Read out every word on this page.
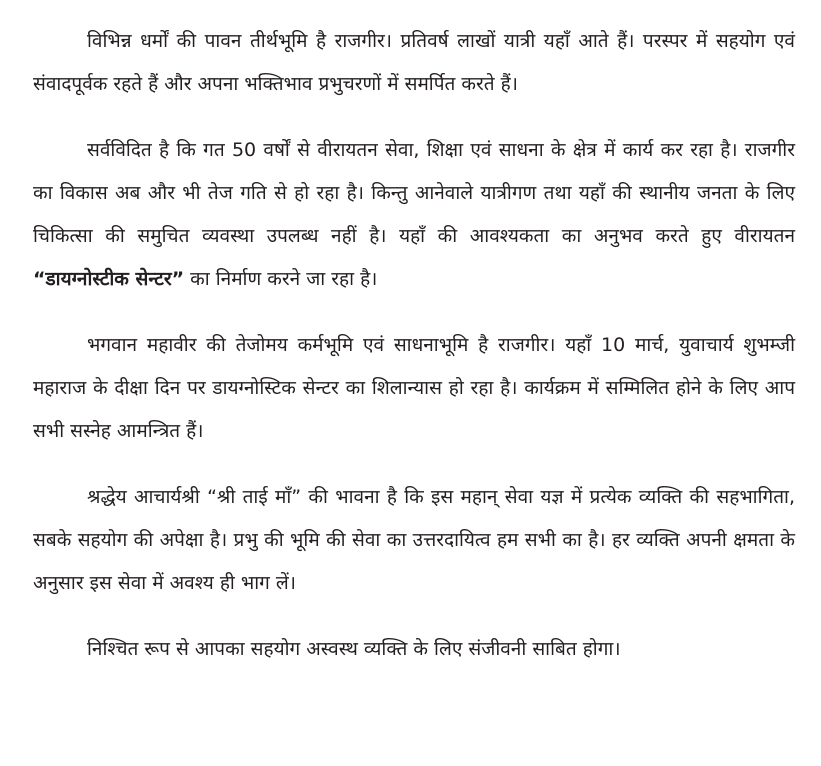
विभिन्न धर्मों की पावन तीर्थभूमि है राजगीर। प्रतिवर्ष लाखों यात्री यहाँ आते हैं। परस्पर में सहयोग एवं संवादपूर्वक रहते हैं और अपना भक्तिभाव प्रभुचरणों में समर्पित करते हैं।

सर्वविदित है कि गत 50 वर्षों से वीरायतन सेवा, शिक्षा एवं साधना के क्षेत्र में कार्य कर रहा है। राजगीर का विकास अब और भी तेज गति से हो रहा है। किन्तु आनेवाले यात्रीगण तथा यहाँ की स्थानीय जनता के लिए चिकित्सा की समुचित व्यवस्था उपलब्ध नहीं है। यहाँ की आवश्यकता का अनुभव करते हुए वीरायतन “डायग्नोस्टीक सेन्टर” का निर्माण करने जा रहा है।

भगवान महावीर की तेजोमय कर्मभूमि एवं साधनाभूमि है राजगीर। यहाँ 10 मार्च, युवाचार्य शुभम्जी महाराज के दीक्षा दिन पर डायग्नोस्टिक सेन्टर का शिलान्यास हो रहा है। कार्यक्रम में सम्मिलित होने के लिए आप सभी सस्नेह आमन्त्रित हैं।

श्रद्धेय आचार्यश्री “श्री ताई माँ” की भावना है कि इस महान् सेवा यज्ञ में प्रत्येक व्यक्ति की सहभागिता, सबके सहयोग की अपेक्षा है। प्रभु की भूमि की सेवा का उत्तरदायित्व हम सभी का है। हर व्यक्ति अपनी क्षमता के अनुसार इस सेवा में अवश्य ही भाग लें।

निश्चित रूप से आपका सहयोग अस्वस्थ व्यक्ति के लिए संजीवनी साबित होगा।
